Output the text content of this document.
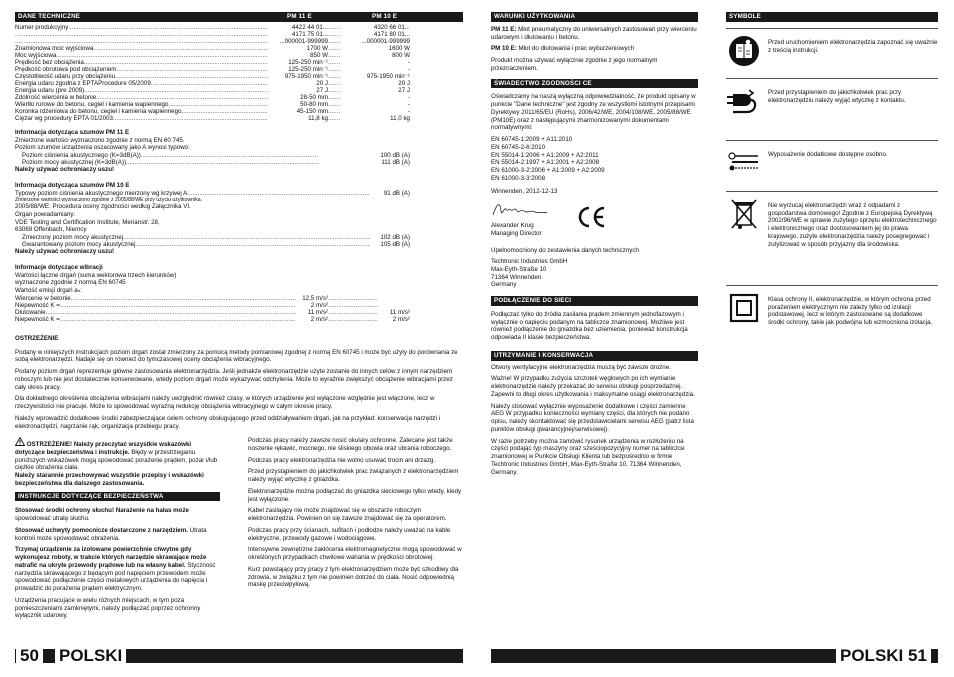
DANE TECHNICZNE	PM 11 E	PM 10 E
Numer produkcyjny .....	4422 44 01... .....	4320 66 01...
.....
4171 75 01... .....	4171 80 01...
.....
...000001-999999 .....	...000001-999999
Znamionowa moc wyjściowa .....	1700 W .....	1600 W
Moc wyjściowa .....	850 W .....	800 W
Prędkość bez obciążenia .....	125-250 min⁻¹ .....	-
Prędkość obrotowa pod obciążeniem .....	125-250 min⁻¹ .....	-
Częstotliwość udaru przy obciążeniu .....	975-1950 min⁻¹ .....	975-1950 min⁻¹
Energia udaru zgodna z EPTAProcedure 05/2009 .....	20 J .....	20 J
Energia udaru (pre 2009) .....	27 J .....	27 J
Zdolność wiercenia w betonie .....	28-50 mm .....	-
Wiertło rurowe do betonu, cegieł i kamienia wapiennego .....	50-80 mm .....	-
Koronka rdzeniowa do betonu, cegieł i kamienia wapiennego .....	45-150 mm .....	-
Ciężar wg procedury EPTA 01/2003 .....	11,8 kg .....	11,0 kg
Informacja dotycząca szumów PM 11 E
Zmierzone wartości wyznaczono zgodnie z normą EN 60 745.
Poziom szumów urządzenia oszacowany jako A wynosi typowo:
Poziom ciśnienia akustycznego (K=3dB(A)) .....	100 dB (A)
Poziom mocy akustycznej (K=3dB(A)) .....	111 dB (A)
Należy używać ochroniaczy uszu!
Informacja dotycząca szumów PM 10 E
Typowy poziom ciśnienia akustycznego mierzony wg krzywej A: .....	91 dB (A)
Zmierzone wartości wyznaczono zgodnie z 2005/88/WE przy użyciu użytkownika.
2005/88/WE: Procedura oceny zgodności według Załącznika VI.
Organ powiadamiany:
VDE Testing and Certification Institute, Merianstr. 28,
63069 Offenbach, Niemcy
Zmierzony poziom mocy akustycznej .....	102 dB (A)
Gwarantowany poziom mocy akustycznej .....	105 dB (A)
Należy używać ochroniaczy uszu!
Informacje dotyczące wibracji
Wartości łączne drgań (suma wektorowa trzech kierunków)
wyznaczone zgodnie z normą EN 60745
Wartość emisji drgań aₕ:
Wiercenie w betonie .....	12,5 m/s²
.....
Niepewność K = .....	2 m/s²
.....
Dłutowanie .....	11 m/s² .....	11 m/s²
Niepewność K = .....	2 m/s² .....	2 m/s²
OSTRZEŻENIE

Podany w niniejszych instrukcjach poziom drgań został zmierzony za pomocą metody pomiarowej zgodnej z normą EN 60745 i może być użyty do porównania ze sobą elektronarzędzi. Nadaje się on również do tymczasowej oceny obciążenia wibracyjnego.

Podany poziom drgań reprezentuje główne zastosowania elektronarzędzia. Jeśli jednakże elektronarzędzie użyte zostanie do innych celów z innym narzędziem roboczym lub nie jest dostatecznie konserwowane, wtedy poziom drgań może wykazywać odchylenia. Może to wyraźnie zwiększyć obciążenie wibracjami przez cały okres pracy.

Dla dokładnego określenia obciążenia wibracjami należy uwzględnić również czasy, w których urządzenie jest wyłączone względnie jest włączone, lecz w rzeczywistości nie pracuje. Może to spowodować wyraźną redukcję obciążenia wibracyjnego w całym okresie pracy.

Należy wprowadzić dodatkowe środki zabezpieczające celem ochrony obsługującego przed oddziaływaniem drgań, jak na przykład: konserwacja narzędzi i elektronarzędzi, nagrzanie rąk, organizacja przebiegu pracy.

OSTRZEŻENIE! Należy przeczytać wszystkie wskazówki dotyczące bezpieczeństwa i instrukcje. Błędy w przestrzeganiu poniższych wskazówek mogą spowodować porażenie prądem, pożar i/lub ciężkie obrażenia ciała.
Należy starannie przechowywać wszystkie przepisy i wskazówki bezpieczeństwa dla dalszego zastosowania.

INSTRUKCJE DOTYCZĄCE BEZPIECZEŃSTWA

Stosować środki ochrony słuchu! Narażenie na hałas może spowodować utratę słuchu.

Stosować uchwyty pomocnicze dostarczone z narzędziem. Utrata kontroli może spowodować obrażenia.

Trzymaj urządzenie za izolowane powierzchnie chwytne gdy wykonujesz roboty, w trakcie których narzędzie skrawające może natrafić na ukryte przewody prądowe lub na własny kabel. Styczność narzędzia skrawającego z będącym pod napięciem przewodem może spowodować podłączenie części metalowych urządzenia do napięcia i prowadzić do porażenia prądem elektrycznym.

Urządzenia pracujące w wielu różnych miejscach, w tym poza pomieszczeniami zamkniętymi, należy podłączać poprzez ochronny wyłącznik udarowy.

Podczas pracy należy zawsze nosić okulary ochronne. Zalecane jest także noszenie rękawic, mocnego, nie śliskiego obuwia oraz ubrania roboczego.

Podczas pracy elektronarzędzia nie wolno usuwać trocin ani drzazg.

Przed przystąpieniem do jakichkolwiek prac związanych z elektronarzędziem należy wyjąć wtyczkę z gniazdka.

Elektronarzędzie można podłączać do gniazdka sieciowego tylko wtedy, kiedy jest wyłączone.

Kabel zasilający nie może znajdować się w obszarze roboczym elektronarzędzia. Powinien on się zawsze znajdować się za operatorem.

Podczas pracy przy ścianach, sufitach i podłodze należy uważać na kable elektryczne, przewody gazowe i wodociągowe.

Intensywne zewnętrzne zakłócenia elektromagnetyczne mogą spowodować w określonych przypadkach chwilowe wahania w prędkości obrotowej.

Kurz powstający przy pracy z tym elektronarzędziem może być szkodliwy dla zdrowia, w związku z tym nie powinien dotrzeć do ciała. Nosić odpowiednią maskę przeciwpyłową.

50 POLSKI
WARUNKI UŻYTKOWANIA

PM 11 E: Młot pneumatyczny do uniwersalnych zastosowań przy wierceniu udarowym i dłutowaniu i betonu.

PM 10 E: Młot do dłutowania i prac wyburzeniowych

Produkt można używać wyłącznie zgodnie z jego normalnym przeznaczeniem.

ŚWIADECTWO ZGODNOŚCI CE

Oświadczamy na naszą wyłączną odpowiedzialność, że produkt opisany w punkcie "Dane techniczne" jest zgodny ze wszystkimi istotnymi przepisami Dyrektywy 2011/65/EU (RoHs), 2006/42/WE, 2004/108/WE, 2005/88/WE (PM10E) oraz z następującymi zharmonizowanymi dokumentami normatywnymi:

EN 60745-1:2009 + A11:2010
EN 60745-2-6:2010
EN 55014-1:2006 + A1:2009 + A2:2011
EN 55014-2:1997 + A1:2001 + A2:2008
EN 61000-3-2:2006 + A1:2009 + A2:2009
EN 61000-3-3:2008
Winnenden, 2012-12-13
Alexander Krug
Managing Director
Upełnomocniony do zestawienia danych technicznych
Techtronic Industries GmbH
Max-Eyth-Straße 10
71364 Winnenden
Germany
PODŁĄCZENIE DO SIECI

Podłączać tylko do źródła zasilania prądem zmiennym jednofazowym i wyłącznie o napięciu podanym na tabliczce znamionowej. Możliwe jest również podłączenie do gniazdka bez uziemienia, ponieważ konstrukcja odpowiada II klasie bezpieczeństwa.

UTRZYMANIE I KONSERWACJA

Otwory wentylacyjne elektronarzędzia muszą być zawsze drożne.

Ważne! W przypadku zużycia szczotek węglowych po ich wymianie elektronarzędzie należy przekazać do serwisu obsługi posprzedażnej. Zapewni to długi okres użytkowania i maksymalne osiągi elektronarzędzia.

Należy stosować wyłącznie wyposażenie dodatkowe i części zamienne AEG W przypadku konieczności wymiany części, dla których nie podano opisu, należy skontaktować się przedstawicielami serwisu AEG (patrz lista punktów obsługi gwarancyjnej/serwisowej).

W razie potrzeby można zamówić rysunek urządzenia w rozłożeniu na części podając typ maszyny oraz sześciopozycyjny numer na tabliczce znamionowej w Punkcie Obsługi Klienta lub bezpośrednio w firmie Techtronic Industries GmbH, Max-Eyth-Straße 10, 71364 Winnenden, Germany.

SYMBOLE
Przed uruchomieniem elektronarzędzia zapoznać się uważnie z treścią instrukcji.
Przed przystąpieniem do jakichkolwiek prac przy elektronarzędziu należy wyjąć wtyczkę z kontaktu.
Wyposażenie dodatkowe dostępne osobno.
Nie wyrzucaj elektronarzędzi wraz z odpadami z gospodarstwa domowego! Zgodnie z Europejską Dyrektywą 2002/96/WE w sprawie zużytego sprzętu elektrotechnicznego i elektronicznego oraz dostosowaniem jej do prawa krajowego, zużyte elektronarzędzia należy posegregować i zutylizować w sposób przyjazny dla środowiska.
Klasa ochrony II, elektronarzędzie, w którym ochrona przed porażeniem elektrycznym nie zależy tylko od izolacji podstawowej, lecz w którym zastosowane są dodatkowe środki ochrony, takie jak podwójna lub wzmocniona izolacja.
POLSKI 51
